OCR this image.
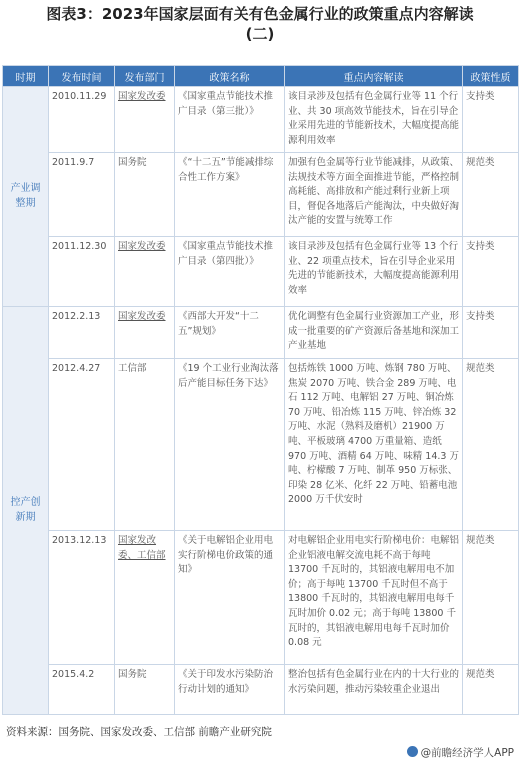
图表3：2023年国家层面有关有色金属行业的政策重点内容解读
(二)
时期	发布时间	发布部门	政策名称	重点内容解读	政策性质
产业调整期	2010.11.29	国家发改委	《国家重点节能技术推广目录（第三批）》	该目录涉及包括有色金属行业等 11 个行业、共 30 项高效节能技术，旨在引导企业采用先进的节能新技术，大幅度提高能源利用效率	支持类
	2011.9.7	国务院	《“十二五”节能减排综合性工作方案》	加强有色金属等行业节能减排，从政策、法规技术等方面全面推进节能，严格控制高耗能、高排放和产能过剩行业新上项目，督促各地落后产能淘汰，中央做好淘汰产能的安置与统筹工作	规范类
	2011.12.30	国家发改委	《国家重点节能技术推广目录（第四批）》	该目录涉及包括有色金属行业等 13 个行业、22 项重点技术，旨在引导企业采用先进的节能新技术，大幅度提高能源利用效率	支持类
控产创新期	2012.2.13	国家发改委	《西部大开发“十二五”规划》	优化调整有色金属行业资源加工产业，形成一批重要的矿产资源后备基地和深加工产业基地	支持类
	2012.4.27	工信部	《19 个工业行业淘汰落后产能目标任务下达》	包括炼铁 1000 万吨、炼钢 780 万吨、焦炭 2070 万吨、铁合金 289 万吨、电石 112 万吨、电解铝 27 万吨、铜冶炼 70 万吨、铅冶炼 115 万吨、锌冶炼 32 万吨、水泥（熟料及磨机）21900 万吨、平板玻璃 4700 万重量箱、造纸 970 万吨、酒精 64 万吨、味精 14.3 万吨、柠檬酸 7 万吨、制革 950 万标张、印染 28 亿米、化纤 22 万吨、铅蓄电池 2000 万千伏安时	规范类
	2013.12.13	国家发改委、工信部	《关于电解铝企业用电实行阶梯电价政策的通知》	对电解铝企业用电实行阶梯电价：电解铝企业铝液电解交流电耗不高于每吨 13700 千瓦时的，其铝液电解用电不加价；高于每吨 13700 千瓦时但不高于 13800 千瓦时的，其铝液电解用电每千瓦时加价 0.02 元；高于每吨 13800 千瓦时的，其铝液电解用电每千瓦时加价 0.08 元	规范类
	2015.4.2	国务院	《关于印发水污染防治行动计划的通知》	整治包括有色金属行业在内的十大行业的水污染问题，推动污染较重企业退出	规范类
资料来源：国务院、国家发改委、工信部 前瞻产业研究院
@前瞻经济学人APP
